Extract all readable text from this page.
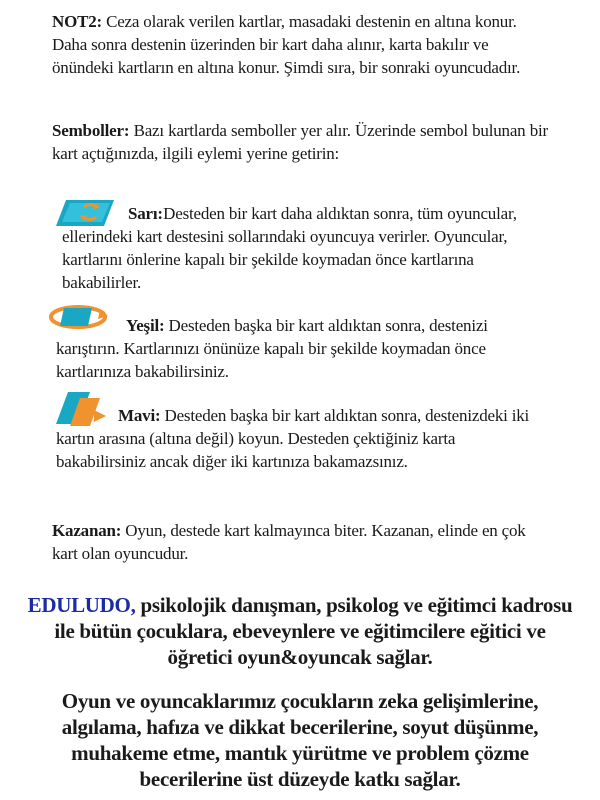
NOT2: Ceza olarak verilen kartlar, masadaki destenin en altına konur. Daha sonra destenin üzerinden bir kart daha alınır, karta bakılır ve önündeki kartların en altına konur. Şimdi sıra, bir sonraki oyuncudadır.
Semboller: Bazı kartlarda semboller yer alır. Üzerinde sembol bulunan bir kart açtığınızda, ilgili eylemi yerine getirin:
Sarı:
Desteden bir kart daha aldıktan sonra, tüm oyuncular, ellerindeki kart destesini sollarındaki oyuncuya verirler. Oyuncular, kartlarını önlerine kapalı bir şekilde koymadan önce kartlarına bakabilirler.
Yeşil: Desteden başka bir kart aldıktan sonra, destenizi karıştırın. Kartlarınızı önünüze kapalı bir şekilde koymadan önce kartlarınıza bakabilirsiniz.
Mavi: Desteden başka bir kart aldıktan sonra, destenizdeki iki kartın arasına (altına değil) koyun. Desteden çektiğiniz karta bakabilirsiniz ancak diğer iki kartınıza bakamazsınız.
Kazanan: Oyun, destede kart kalmayınca biter. Kazanan, elinde en çok kart olan oyuncudur.
EDULUDO, psikolojik danışman, psikolog ve eğitimci kadrosu ile bütün çocuklara, ebeveynlere ve eğitimcilere eğitici ve öğretici oyun&oyuncak sağlar.
Oyun ve oyuncaklarımız çocukların zeka gelişimlerine, algılama, hafıza ve dikkat becerilerine, soyut düşünme, muhakeme etme, mantık yürütme ve problem çözme becerilerine üst düzeyde katkı sağlar.
